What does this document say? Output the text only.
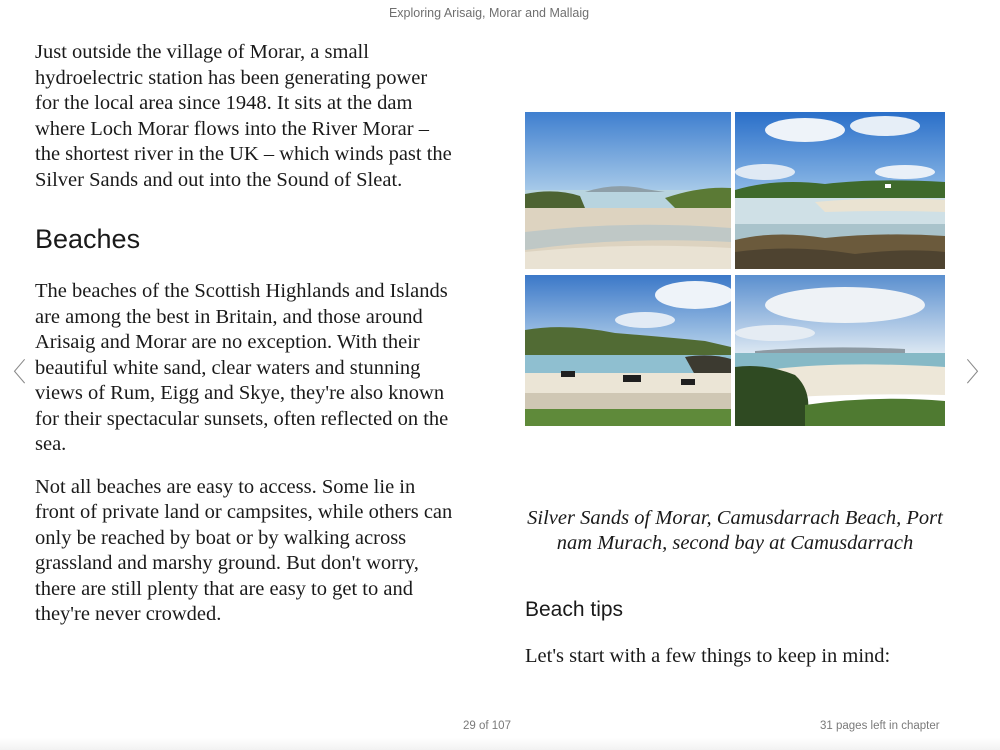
Exploring Arisaig, Morar and Mallaig
〈	〉

Just outside the village of Morar, a small hydroelectric station has been generating power for the local area since 1948. It sits at the dam where Loch Morar flows into the River Morar – the shortest river in the UK – which winds past the Silver Sands and out into the Sound of Sleat.

Beaches

The beaches of the Scottish Highlands and Islands are among the best in Britain, and those around Arisaig and Morar are no exception. With their beautiful white sand, clear waters and stunning views of Rum, Eigg and Skye, they're also known for their spectacular sunsets, often reflected on the sea.

Not all beaches are easy to access. Some lie in front of private land or campsites, while others can only be reached by boat or by walking across grassland and marshy ground. But don't worry, there are still plenty that are easy to get to and they're never crowded.

Silver Sands of Morar, Camusdarrach Beach, Port nam Murach, second bay at Camusdarrach

Beach tips

Let's start with a few things to keep in mind:

29 of 107	31 pages left in chapter
